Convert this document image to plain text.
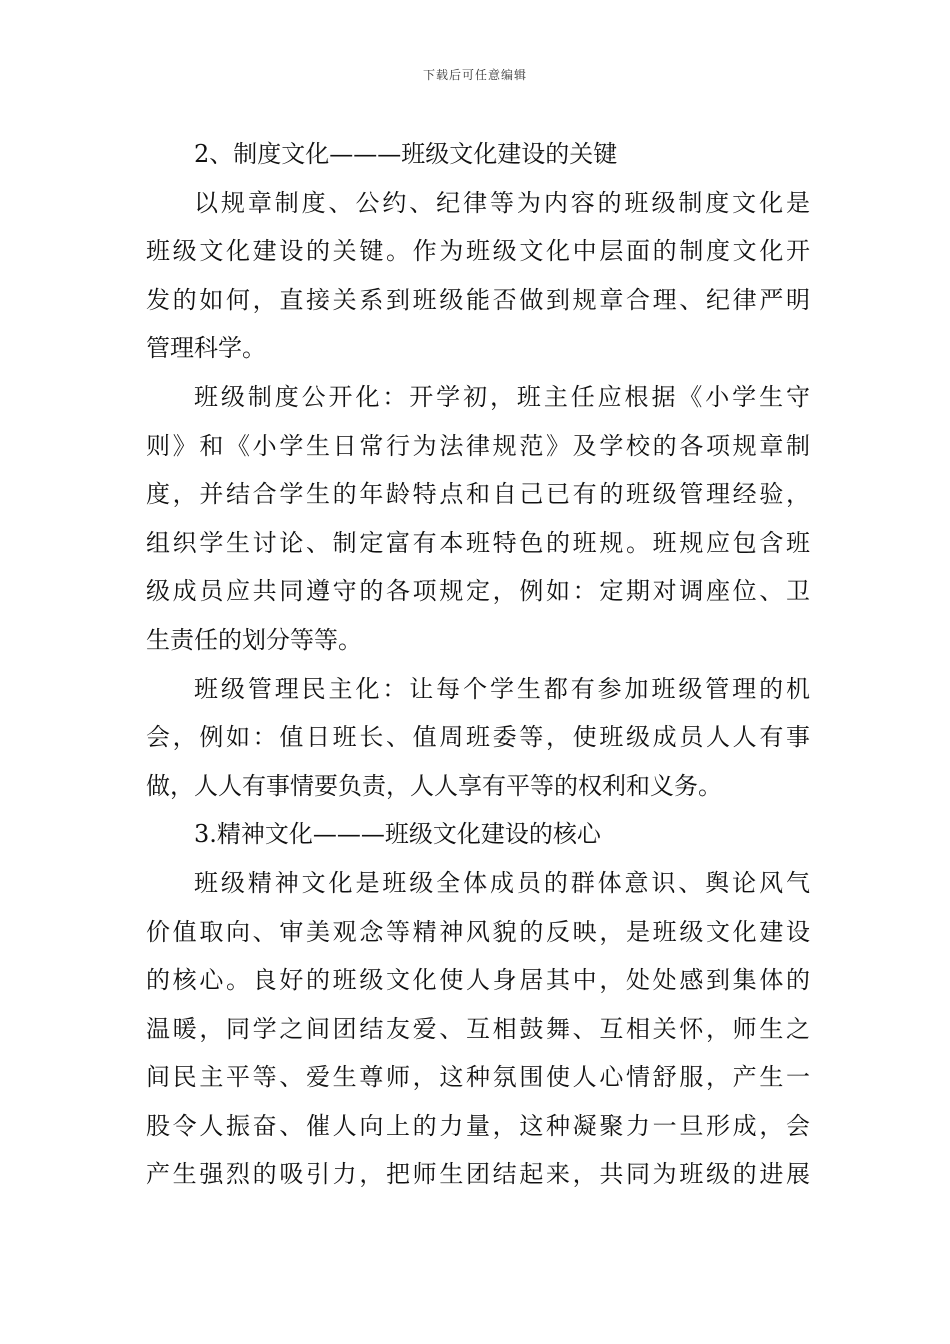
下载后可任意编辑
2、制度文化———班级文化建设的关键
以规章制度、公约、纪律等为内容的班级制度文化是
班级文化建设的关键。作为班级文化中层面的制度文化开
发的如何，直接关系到班级能否做到规章合理、纪律严明
管理科学。
班级制度公开化：开学初，班主任应根据《小学生守
则》和《小学生日常行为法律规范》及学校的各项规章制
度，并结合学生的年龄特点和自己已有的班级管理经验，
组织学生讨论、制定富有本班特色的班规。班规应包含班
级成员应共同遵守的各项规定，例如：定期对调座位、卫
生责任的划分等等。
班级管理民主化：让每个学生都有参加班级管理的机
会，例如：值日班长、值周班委等，使班级成员人人有事
做，人人有事情要负责，人人享有平等的权利和义务。
3.精神文化———班级文化建设的核心
班级精神文化是班级全体成员的群体意识、舆论风气
价值取向、审美观念等精神风貌的反映，是班级文化建设
的核心。良好的班级文化使人身居其中，处处感到集体的
温暖，同学之间团结友爱、互相鼓舞、互相关怀，师生之
间民主平等、爱生尊师，这种氛围使人心情舒服，产生一
股令人振奋、催人向上的力量，这种凝聚力一旦形成，会
产生强烈的吸引力，把师生团结起来，共同为班级的进展
